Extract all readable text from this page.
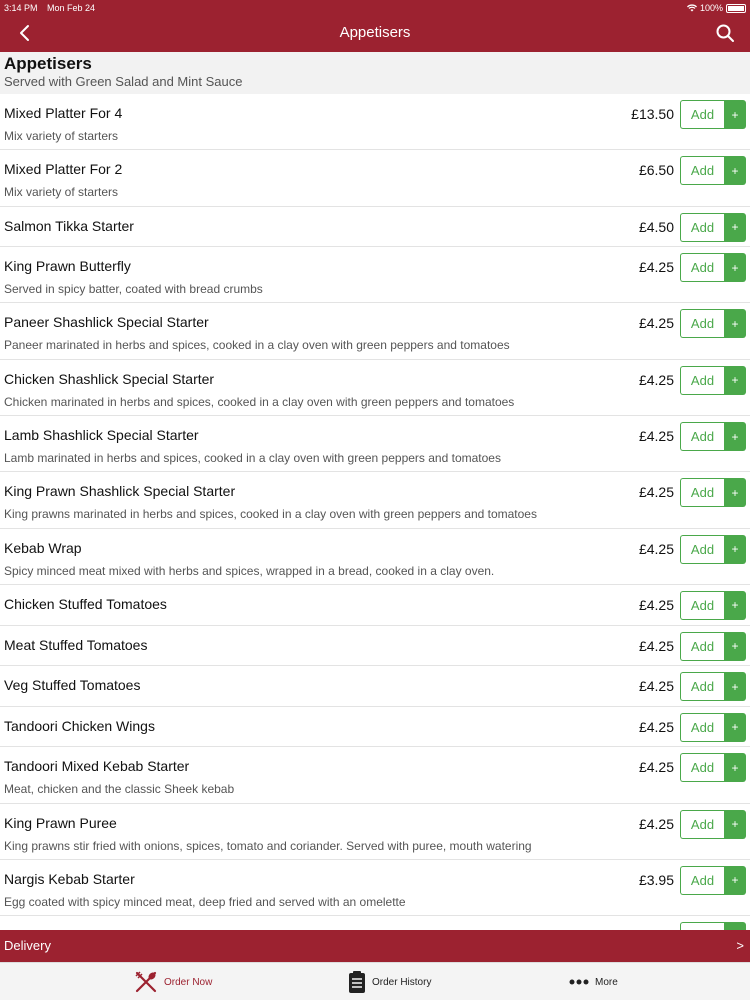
3:14 PM Mon Feb 24	100%
Appetisers
Appetisers
Served with Green Salad and Mint Sauce
Mixed Platter For 4
Mix variety of starters
£13.50	Add	+
Mixed Platter For 2
Mix variety of starters
£6.50	Add	+
Salmon Tikka Starter	£4.50	Add	+
King Prawn Butterfly
Served in spicy batter, coated with bread crumbs
£4.25	Add	+
Paneer Shashlick Special Starter
Paneer marinated in herbs and spices, cooked in a clay oven with green peppers and tomatoes
£4.25	Add	+
Chicken Shashlick Special Starter
Chicken marinated in herbs and spices, cooked in a clay oven with green peppers and tomatoes
£4.25	Add	+
Lamb Shashlick Special Starter
Lamb marinated in herbs and spices, cooked in a clay oven with green peppers and tomatoes
£4.25	Add	+
King Prawn Shashlick Special Starter
King prawns marinated in herbs and spices, cooked in a clay oven with green peppers and tomatoes
£4.25	Add	+
Kebab Wrap
Spicy minced meat mixed with herbs and spices, wrapped in a bread, cooked in a clay oven.
£4.25	Add	+
Chicken Stuffed Tomatoes	£4.25	Add	+
Meat Stuffed Tomatoes	£4.25	Add	+
Veg Stuffed Tomatoes	£4.25	Add	+
Tandoori Chicken Wings	£4.25	Add	+
Tandoori Mixed Kebab Starter
Meat, chicken and the classic Sheek kebab
£4.25	Add	+
King Prawn Puree
King prawns stir fried with onions, spices, tomato and coriander. Served with puree, mouth watering
£4.25	Add	+
Nargis Kebab Starter
Egg coated with spicy minced meat, deep fried and served with an omelette
£3.95	Add	+
Delivery	>
Order Now	Order History	More
